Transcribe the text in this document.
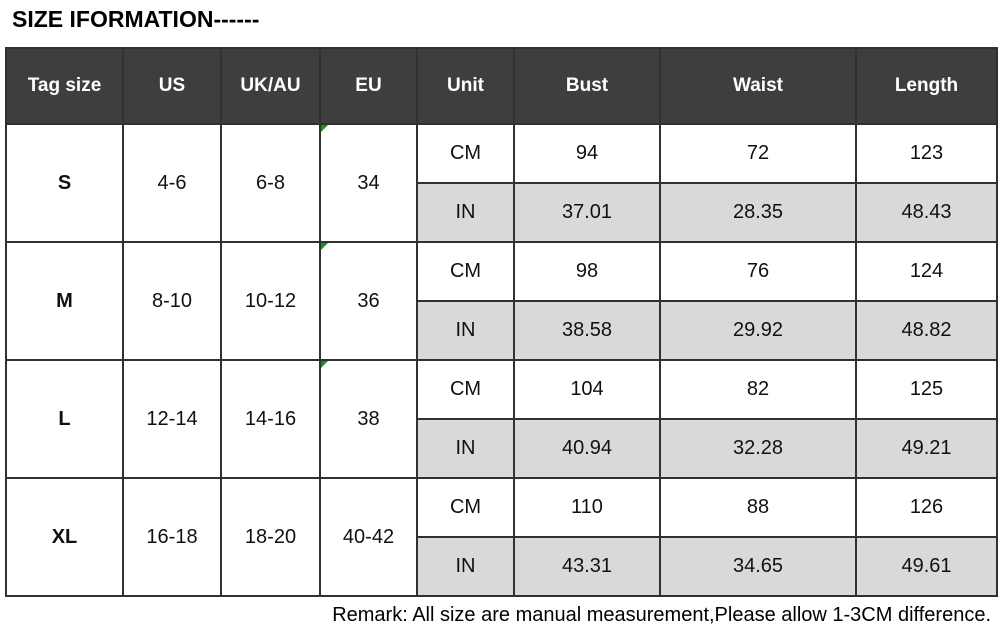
SIZE IFORMATION------
Tag size	US	UK/AU	EU	Unit	Bust	Waist	Length
S	4-6	6-8	34	CM	94	72	123
				IN	37.01	28.35	48.43
M	8-10	10-12	36	CM	98	76	124
				IN	38.58	29.92	48.82
L	12-14	14-16	38	CM	104	82	125
				IN	40.94	32.28	49.21
XL	16-18	18-20	40-42	CM	110	88	126
				IN	43.31	34.65	49.61
Remark: All size are manual measurement,Please allow 1-3CM difference.
